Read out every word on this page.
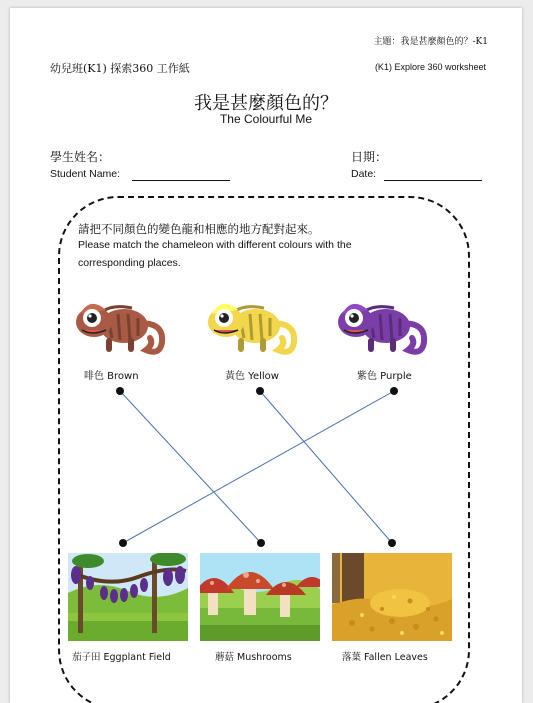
主題：我是甚麼顏色的？-K1
幼兒班(K1) 探索360 工作紙	(K1) Explore 360 worksheet
我是甚麼顏色的？
The Colourful Me
學生姓名：
Student Name:
日期：
Date:
請把不同顏色的變色龍和相應的地方配對起來。
Please match the chameleon with different colours with the
corresponding places.
啡色 Brown	黃色 Yellow	紫色 Purple
茄子田 Eggplant Field	蘑菇 Mushrooms	落葉 Fallen Leaves
